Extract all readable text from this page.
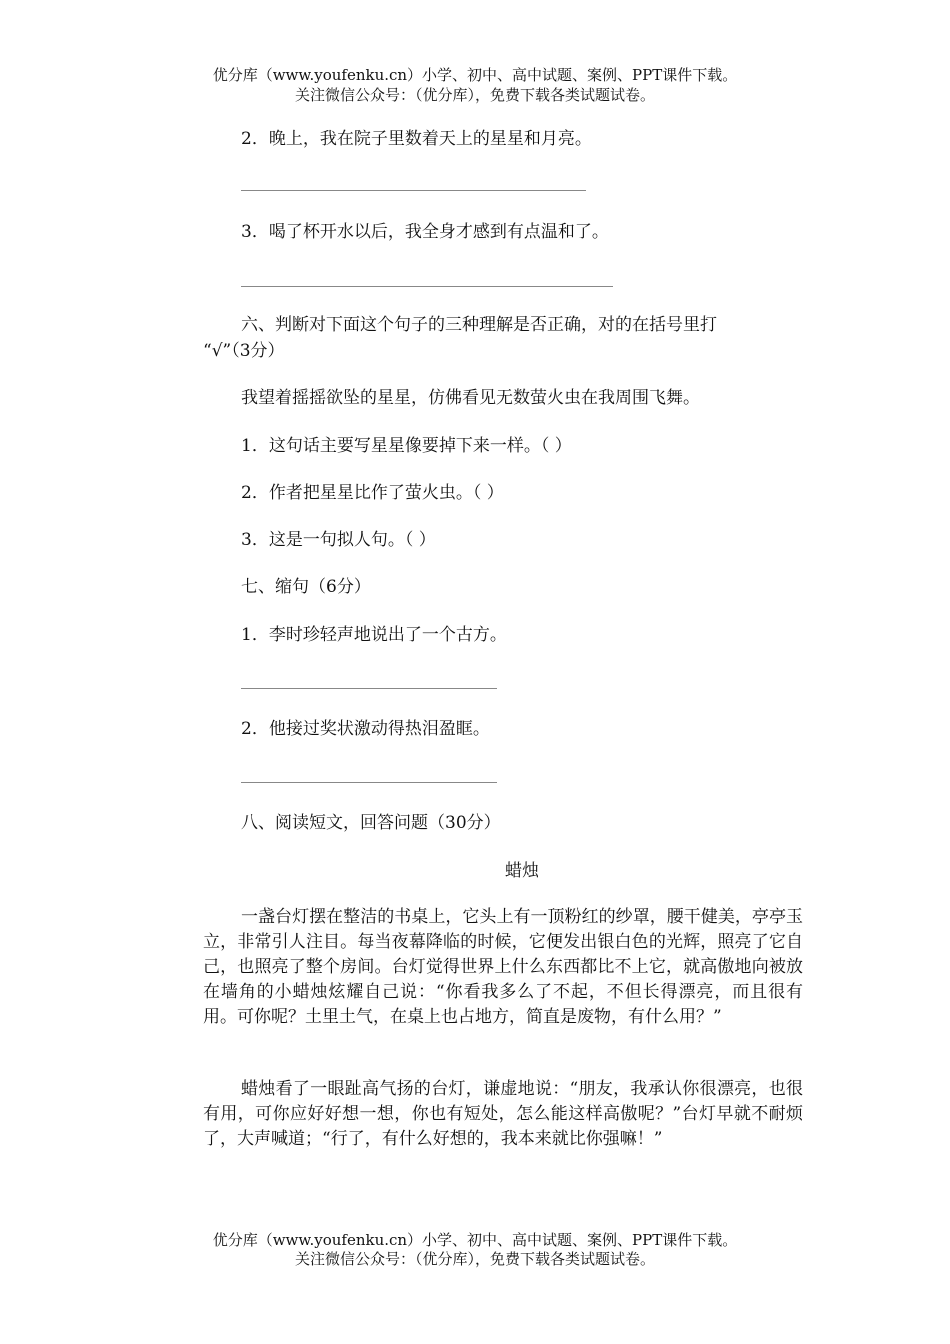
优分库（www.youfenku.cn）小学、初中、高中试题、案例、PPT课件下载。
关注微信公众号：（优分库），免费下载各类试题试卷。
2．晚上，我在院子里数着天上的星星和月亮。
3．喝了杯开水以后，我全身才感到有点温和了。
六、判断对下面这个句子的三种理解是否正确，对的在括号里打
“√”（3分）
我望着摇摇欲坠的星星，仿佛看见无数萤火虫在我周围飞舞。
1．这句话主要写星星像要掉下来一样。（ ）
2．作者把星星比作了萤火虫。（ ）
3．这是一句拟人句。（ ）
七、缩句（6分）
1．李时珍轻声地说出了一个古方。
2．他接过奖状激动得热泪盈眶。
八、阅读短文，回答问题（30分）
蜡烛
一盏台灯摆在整洁的书桌上，它头上有一顶粉红的纱罩，腰干健美，亭亭玉立，非常引人注目。每当夜幕降临的时候，它便发出银白色的光辉，照亮了它自己，也照亮了整个房间。台灯觉得世界上什么东西都比不上它，就高傲地向被放在墙角的小蜡烛炫耀自己说：“你看我多么了不起，不但长得漂亮，而且很有用。可你呢？土里土气，在桌上也占地方，简直是废物，有什么用？”
蜡烛看了一眼趾高气扬的台灯，谦虚地说：“朋友，我承认你很漂亮，也很有用，可你应好好想一想，你也有短处，怎么能这样高傲呢？”台灯早就不耐烦了，大声喊道；“行了，有什么好想的，我本来就比你强嘛！”
优分库（www.youfenku.cn）小学、初中、高中试题、案例、PPT课件下载。
关注微信公众号：（优分库），免费下载各类试题试卷。
